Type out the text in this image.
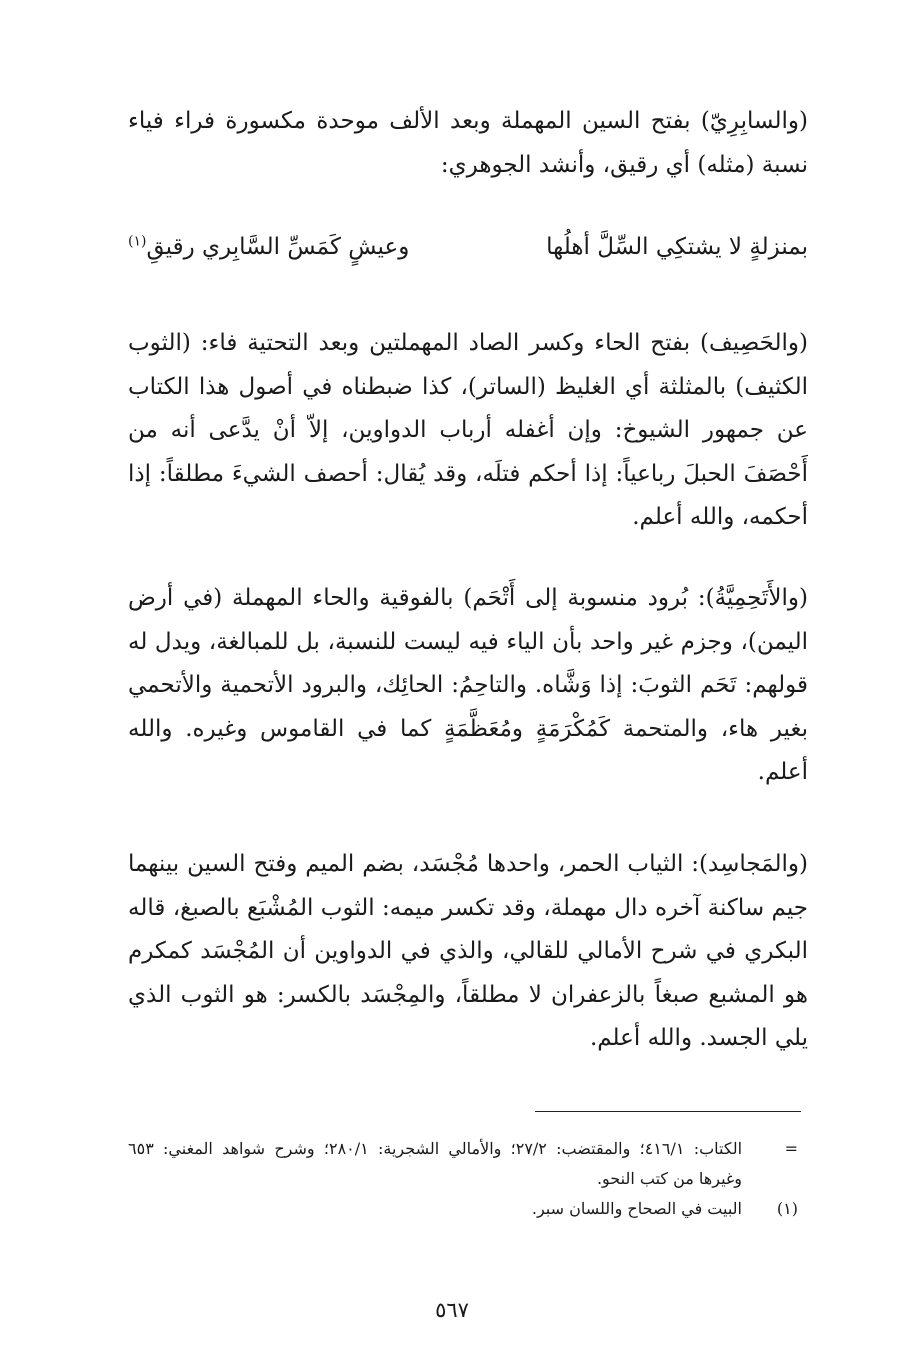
(والسابِرِيّ) بفتح السين المهملة وبعد الألف موحدة مكسورة فراء فياء نسبة (مثله) أي رقيق، وأنشد الجوهري:

بمنزلةٍ لا يشتكِي السِّلَّ أهلُها
وعيشٍ كَمَسِّ السَّابِري رقيقِ$^{(١)}$

(والحَصِيف) بفتح الحاء وكسر الصاد المهملتين وبعد التحتية فاء: (الثوب الكثيف) بالمثلثة أي الغليظ (الساتر)، كذا ضبطناه في أصول هذا الكتاب عن جمهور الشيوخ: وإن أغفله أرباب الدواوين، إلاّ أنْ يدَّعى أنه من أَحْصَفَ الحبلَ رباعياً: إذا أحكم فتلَه، وقد يُقال: أحصف الشيءَ مطلقاً: إذا أحكمه، والله أعلم.

(والأَتَحِمِيَّةُ): بُرود منسوبة إلى أَتْحَم) بالفوقية والحاء المهملة (في أرض اليمن)، وجزم غير واحد بأن الياء فيه ليست للنسبة، بل للمبالغة، ويدل له قولهم: تَحَم الثوبَ: إذا وَشَّاه. والتاحِمُ: الحائِك، والبرود الأتحمية والأتحمي بغير هاء، والمتحمة كَمُكْرَمَةٍ ومُعَظَّمَةٍ كما في القاموس وغيره. والله أعلم.

(والمَجاسِد): الثياب الحمر، واحدها مُجْسَد، بضم الميم وفتح السين بينهما جيم ساكنة آخره دال مهملة، وقد تكسر ميمه: الثوب المُشْبَع بالصبغ، قاله البكري في شرح الأمالي للقالي، والذي في الدواوين أن المُجْسَد كمكرم هو المشبع صبغاً بالزعفران لا مطلقاً، والمِجْسَد بالكسر: هو الثوب الذي يلي الجسد. والله أعلم.

=

الكتاب: ٤١٦/١؛ والمقتضب: ٢٧/٢؛ والأمالي الشجرية: ٢٨٠/١؛ وشرح شواهد المغني: ٦٥٣ وغيرها من كتب النحو.

(١)

البيت في الصحاح واللسان سبر.

٥٦٧
